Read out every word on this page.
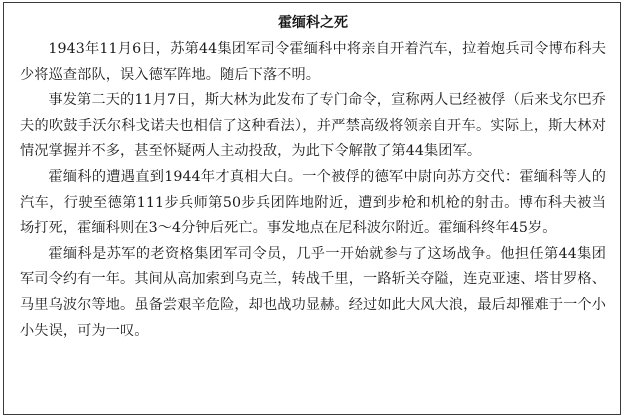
霍缅科之死

1943年11月6日，苏第44集团军司令霍缅科中将亲自开着汽车，拉着炮兵司令博布科夫少将巡查部队，误入德军阵地。随后下落不明。

事发第二天的11月7日，斯大林为此发布了专门命令，宣称两人已经被俘（后来戈尔巴乔夫的吹鼓手沃尔科戈诺夫也相信了这种看法），并严禁高级将领亲自开车。实际上，斯大林对情况掌握并不多，甚至怀疑两人主动投敌，为此下令解散了第44集团军。

霍缅科的遭遇直到1944年才真相大白。一个被俘的德军中尉向苏方交代：霍缅科等人的汽车，行驶至德第111步兵师第50步兵团阵地附近，遭到步枪和机枪的射击。博布科夫被当场打死，霍缅科则在3～4分钟后死亡。事发地点在尼科波尔附近。霍缅科终年45岁。

霍缅科是苏军的老资格集团军司令员，几乎一开始就参与了这场战争。他担任第44集团军司令约有一年。其间从高加索到乌克兰，转战千里，一路斩关夺隘，连克亚速、塔甘罗格、马里乌波尔等地。虽备尝艰辛危险，却也战功显赫。经过如此大风大浪，最后却罹难于一个小小失误，可为一叹。
